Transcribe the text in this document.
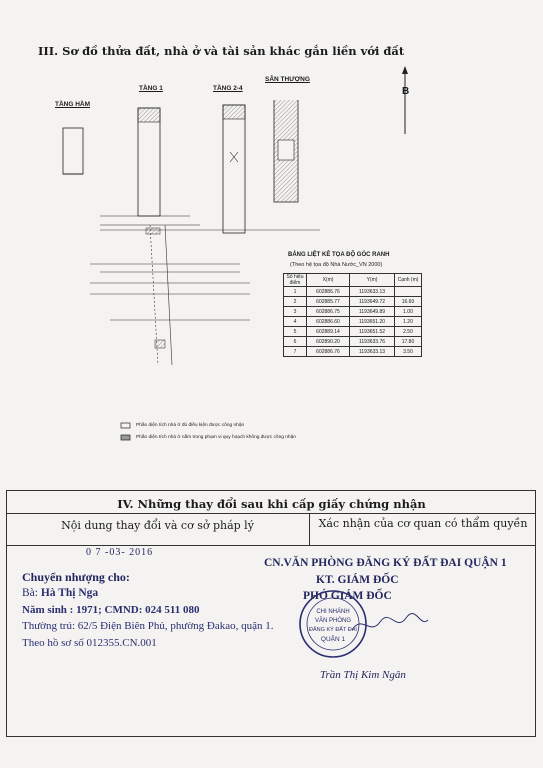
III. Sơ đồ thửa đất, nhà ở và tài sản khác gắn liền với đất
TẦNG HẦM
TẦNG 1	TẦNG 2-4
SÂN THƯỢNG
B
BẢNG LIỆT KÊ TỌA ĐỘ GÓC RANH
(Theo hệ tọa độ Nhà Nước_VN 2000)
Số hiệu điểm	X(m)	Y(m)	Cạnh (m)
1	602886.76	1193633.13	
2	602885.77	1193649.72	16.60
3	602886.75	1193649.89	1.00
4	602886.60	1193651.20	1.20
5	602889.14	1193651.52	2.50
6	602890.20	1193633.76	17.80
7	602886.76	1193633.13	3.50
Phần diện tích nhà ở đủ điều kiện được công nhận
Phần diện tích nhà ở nằm trong phạm vi quy hoạch không được công nhận
IV. Những thay đổi sau khi cấp giấy chứng nhận
Nội dung thay đổi và cơ sở pháp lý	Xác nhận của cơ quan có thẩm quyền
0 7 -03- 2016
Chuyển nhượng cho:
Bà: Hà Thị Nga
Năm sinh : 1971; CMND: 024 511 080
Thường trú: 62/5 Điện Biên Phủ, phường Đakao, quận 1.
Theo hồ sơ số 012355.CN.001
CN.VĂN PHÒNG ĐĂNG KÝ ĐẤT ĐAI QUẬN 1
KT. GIÁM ĐỐC
PHÓ GIÁM ĐỐC
CHI NHÁNH
VĂN PHÒNG
ĐĂNG KÝ ĐẤT ĐAI
QUẬN 1
Trần Thị Kim Ngân
